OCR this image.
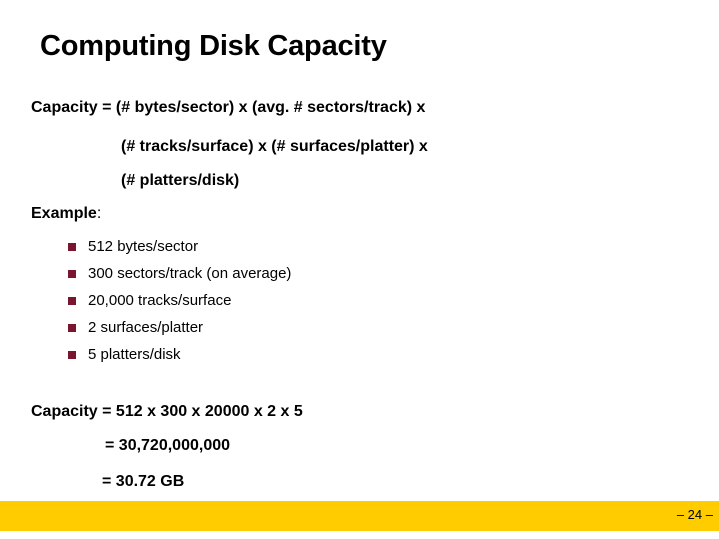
Computing Disk Capacity
Capacity = (# bytes/sector) x (avg. # sectors/track) x
(# tracks/surface) x (# surfaces/platter) x
(# platters/disk)
Example:
512 bytes/sector
300 sectors/track (on average)
20,000 tracks/surface
2 surfaces/platter
5 platters/disk
Capacity = 512 x 300 x 20000 x 2 x 5
= 30,720,000,000
= 30.72 GB
– 24 –
